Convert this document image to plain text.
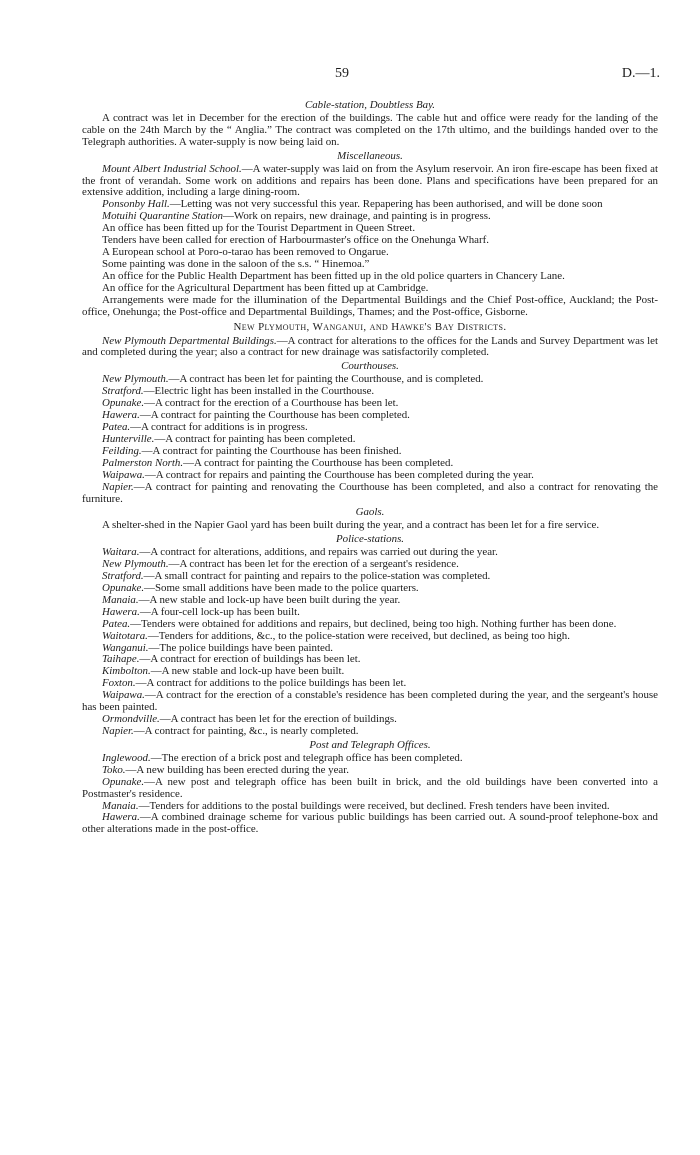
59	D.—1.

Cable-station, Doubtless Bay.

A contract was let in December for the erection of the buildings. The cable hut and office were ready for the landing of the cable on the 24th March by the “ Anglia.” The contract was completed on the 17th ultimo, and the buildings handed over to the Telegraph authorities. A water-supply is now being laid on.

Miscellaneous.

Mount Albert Industrial School.—A water-supply was laid on from the Asylum reservoir. An iron fire-escape has been fixed at the front of verandah. Some work on additions and repairs has been done. Plans and specifications have been prepared for an extensive addition, including a large dining-room.

Ponsonby Hall.—Letting was not very successful this year. Repapering has been authorised, and will be done soon

Motuihi Quarantine Station—Work on repairs, new drainage, and painting is in progress.

An office has been fitted up for the Tourist Department in Queen Street.

Tenders have been called for erection of Harbourmaster's office on the Onehunga Wharf.

A European school at Poro-o-tarao has been removed to Ongarue.

Some painting was done in the saloon of the s.s. “ Hinemoa.”

An office for the Public Health Department has been fitted up in the old police quarters in Chancery Lane.

An office for the Agricultural Department has been fitted up at Cambridge.

Arrangements were made for the illumination of the Departmental Buildings and the Chief Post-office, Auckland; the Post-office, Onehunga; the Post-office and Departmental Buildings, Thames; and the Post-office, Gisborne.

New Plymouth, Wanganui, and Hawke's Bay Districts.

New Plymouth Departmental Buildings.—A contract for alterations to the offices for the Lands and Survey Department was let and completed during the year; also a contract for new drainage was satisfactorily completed.

Courthouses.

New Plymouth.—A contract has been let for painting the Courthouse, and is completed.

Stratford.—Electric light has been installed in the Courthouse.

Opunake.—A contract for the erection of a Courthouse has been let.

Hawera.—A contract for painting the Courthouse has been completed.

Patea.—A contract for additions is in progress.

Hunterville.—A contract for painting has been completed.

Feilding.—A contract for painting the Courthouse has been finished.

Palmerston North.—A contract for painting the Courthouse has been completed.

Waipawa.—A contract for repairs and painting the Courthouse has been completed during the year.

Napier.—A contract for painting and renovating the Courthouse has been completed, and also a contract for renovating the furniture.

Gaols.

A shelter-shed in the Napier Gaol yard has been built during the year, and a contract has been let for a fire service.

Police-stations.

Waitara.—A contract for alterations, additions, and repairs was carried out during the year.

New Plymouth.—A contract has been let for the erection of a sergeant's residence.

Stratford.—A small contract for painting and repairs to the police-station was completed.

Opunake.—Some small additions have been made to the police quarters.

Manaia.—A new stable and lock-up have been built during the year.

Hawera.—A four-cell lock-up has been built.

Patea.—Tenders were obtained for additions and repairs, but declined, being too high. Nothing further has been done.

Waitotara.—Tenders for additions, &c., to the police-station were received, but declined, as being too high.

Wanganui.—The police buildings have been painted.

Taihape.—A contract for erection of buildings has been let.

Kimbolton.—A new stable and lock-up have been built.

Foxton.—A contract for additions to the police buildings has been let.

Waipawa.—A contract for the erection of a constable's residence has been completed during the year, and the sergeant's house has been painted.

Ormondville.—A contract has been let for the erection of buildings.

Napier.—A contract for painting, &c., is nearly completed.

Post and Telegraph Offices.

Inglewood.—The erection of a brick post and telegraph office has been completed.

Toko.—A new building has been erected during the year.

Opunake.—A new post and telegraph office has been built in brick, and the old buildings have been converted into a Postmaster's residence.

Manaia.—Tenders for additions to the postal buildings were received, but declined. Fresh tenders have been invited.

Hawera.—A combined drainage scheme for various public buildings has been carried out. A sound-proof telephone-box and other alterations made in the post-office.
